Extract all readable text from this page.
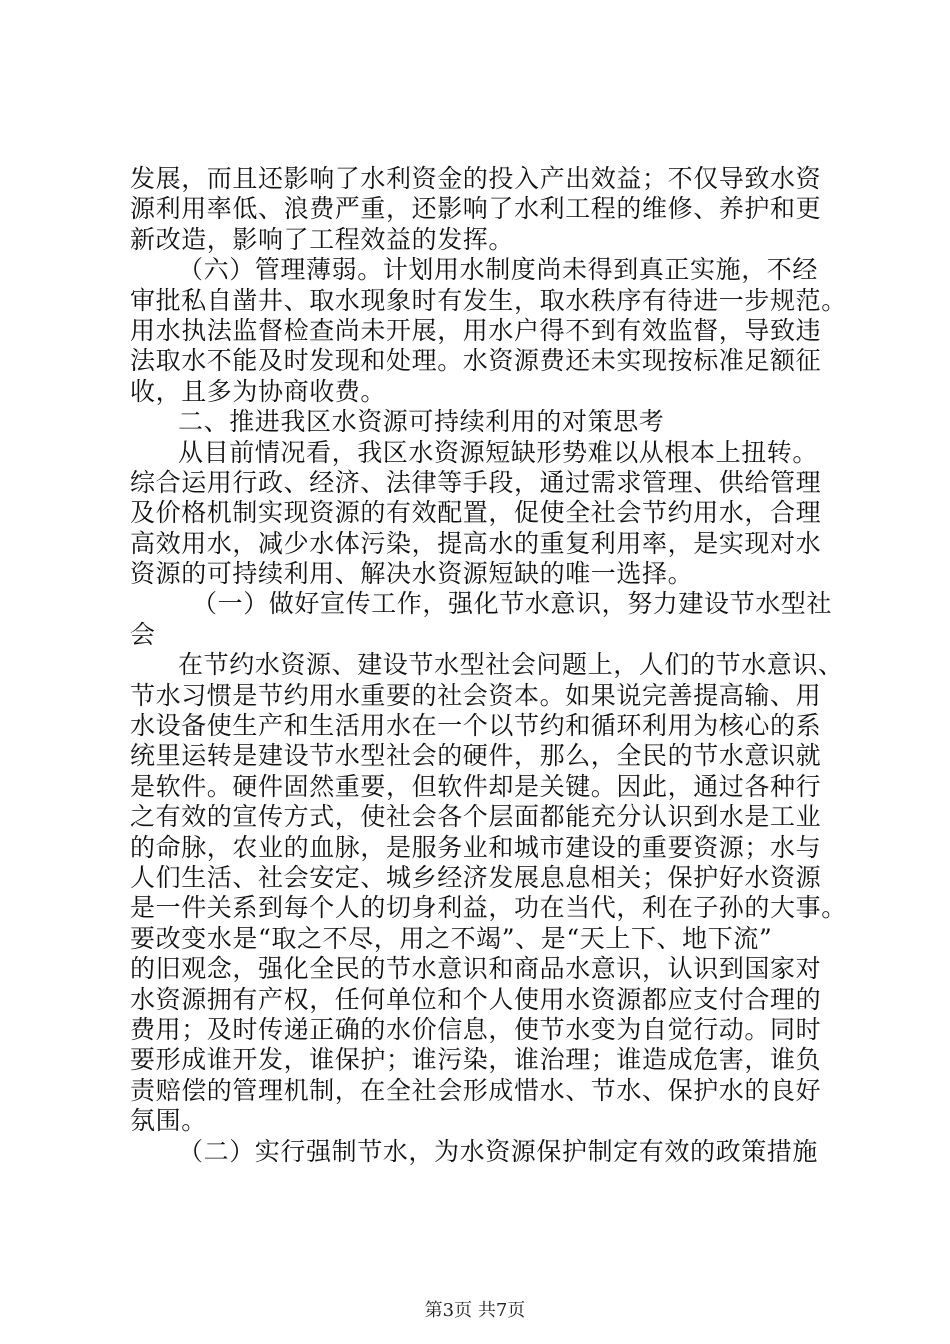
发展，而且还影响了水利资金的投入产出效益；不仅导致水资
源利用率低、浪费严重，还影响了水利工程的维修、养护和更
新改造，影响了工程效益的发挥。
（六）管理薄弱。计划用水制度尚未得到真正实施，不经
审批私自凿井、取水现象时有发生，取水秩序有待进一步规范。
用水执法监督检查尚未开展，用水户得不到有效监督，导致违
法取水不能及时发现和处理。水资源费还未实现按标准足额征
收，且多为协商收费。
二、推进我区水资源可持续利用的对策思考
从目前情况看，我区水资源短缺形势难以从根本上扭转。
综合运用行政、经济、法律等手段，通过需求管理、供给管理
及价格机制实现资源的有效配置，促使全社会节约用水，合理
高效用水，减少水体污染，提高水的重复利用率，是实现对水
资源的可持续利用、解决水资源短缺的唯一选择。
（一）做好宣传工作，强化节水意识，努力建设节水型社
会
在节约水资源、建设节水型社会问题上，人们的节水意识、
节水习惯是节约用水重要的社会资本。如果说完善提高输、用
水设备使生产和生活用水在一个以节约和循环利用为核心的系
统里运转是建设节水型社会的硬件，那么，全民的节水意识就
是软件。硬件固然重要，但软件却是关键。因此，通过各种行
之有效的宣传方式，使社会各个层面都能充分认识到水是工业
的命脉，农业的血脉，是服务业和城市建设的重要资源；水与
人们生活、社会安定、城乡经济发展息息相关；保护好水资源
是一件关系到每个人的切身利益，功在当代，利在子孙的大事。
要改变水是“取之不尽，用之不竭”、是“天上下、地下流”
的旧观念，强化全民的节水意识和商品水意识，认识到国家对
水资源拥有产权，任何单位和个人使用水资源都应支付合理的
费用；及时传递正确的水价信息，使节水变为自觉行动。同时
要形成谁开发，谁保护；谁污染，谁治理；谁造成危害，谁负
责赔偿的管理机制，在全社会形成惜水、节水、保护水的良好
氛围。
（二）实行强制节水，为水资源保护制定有效的政策措施
第3页 共7页
